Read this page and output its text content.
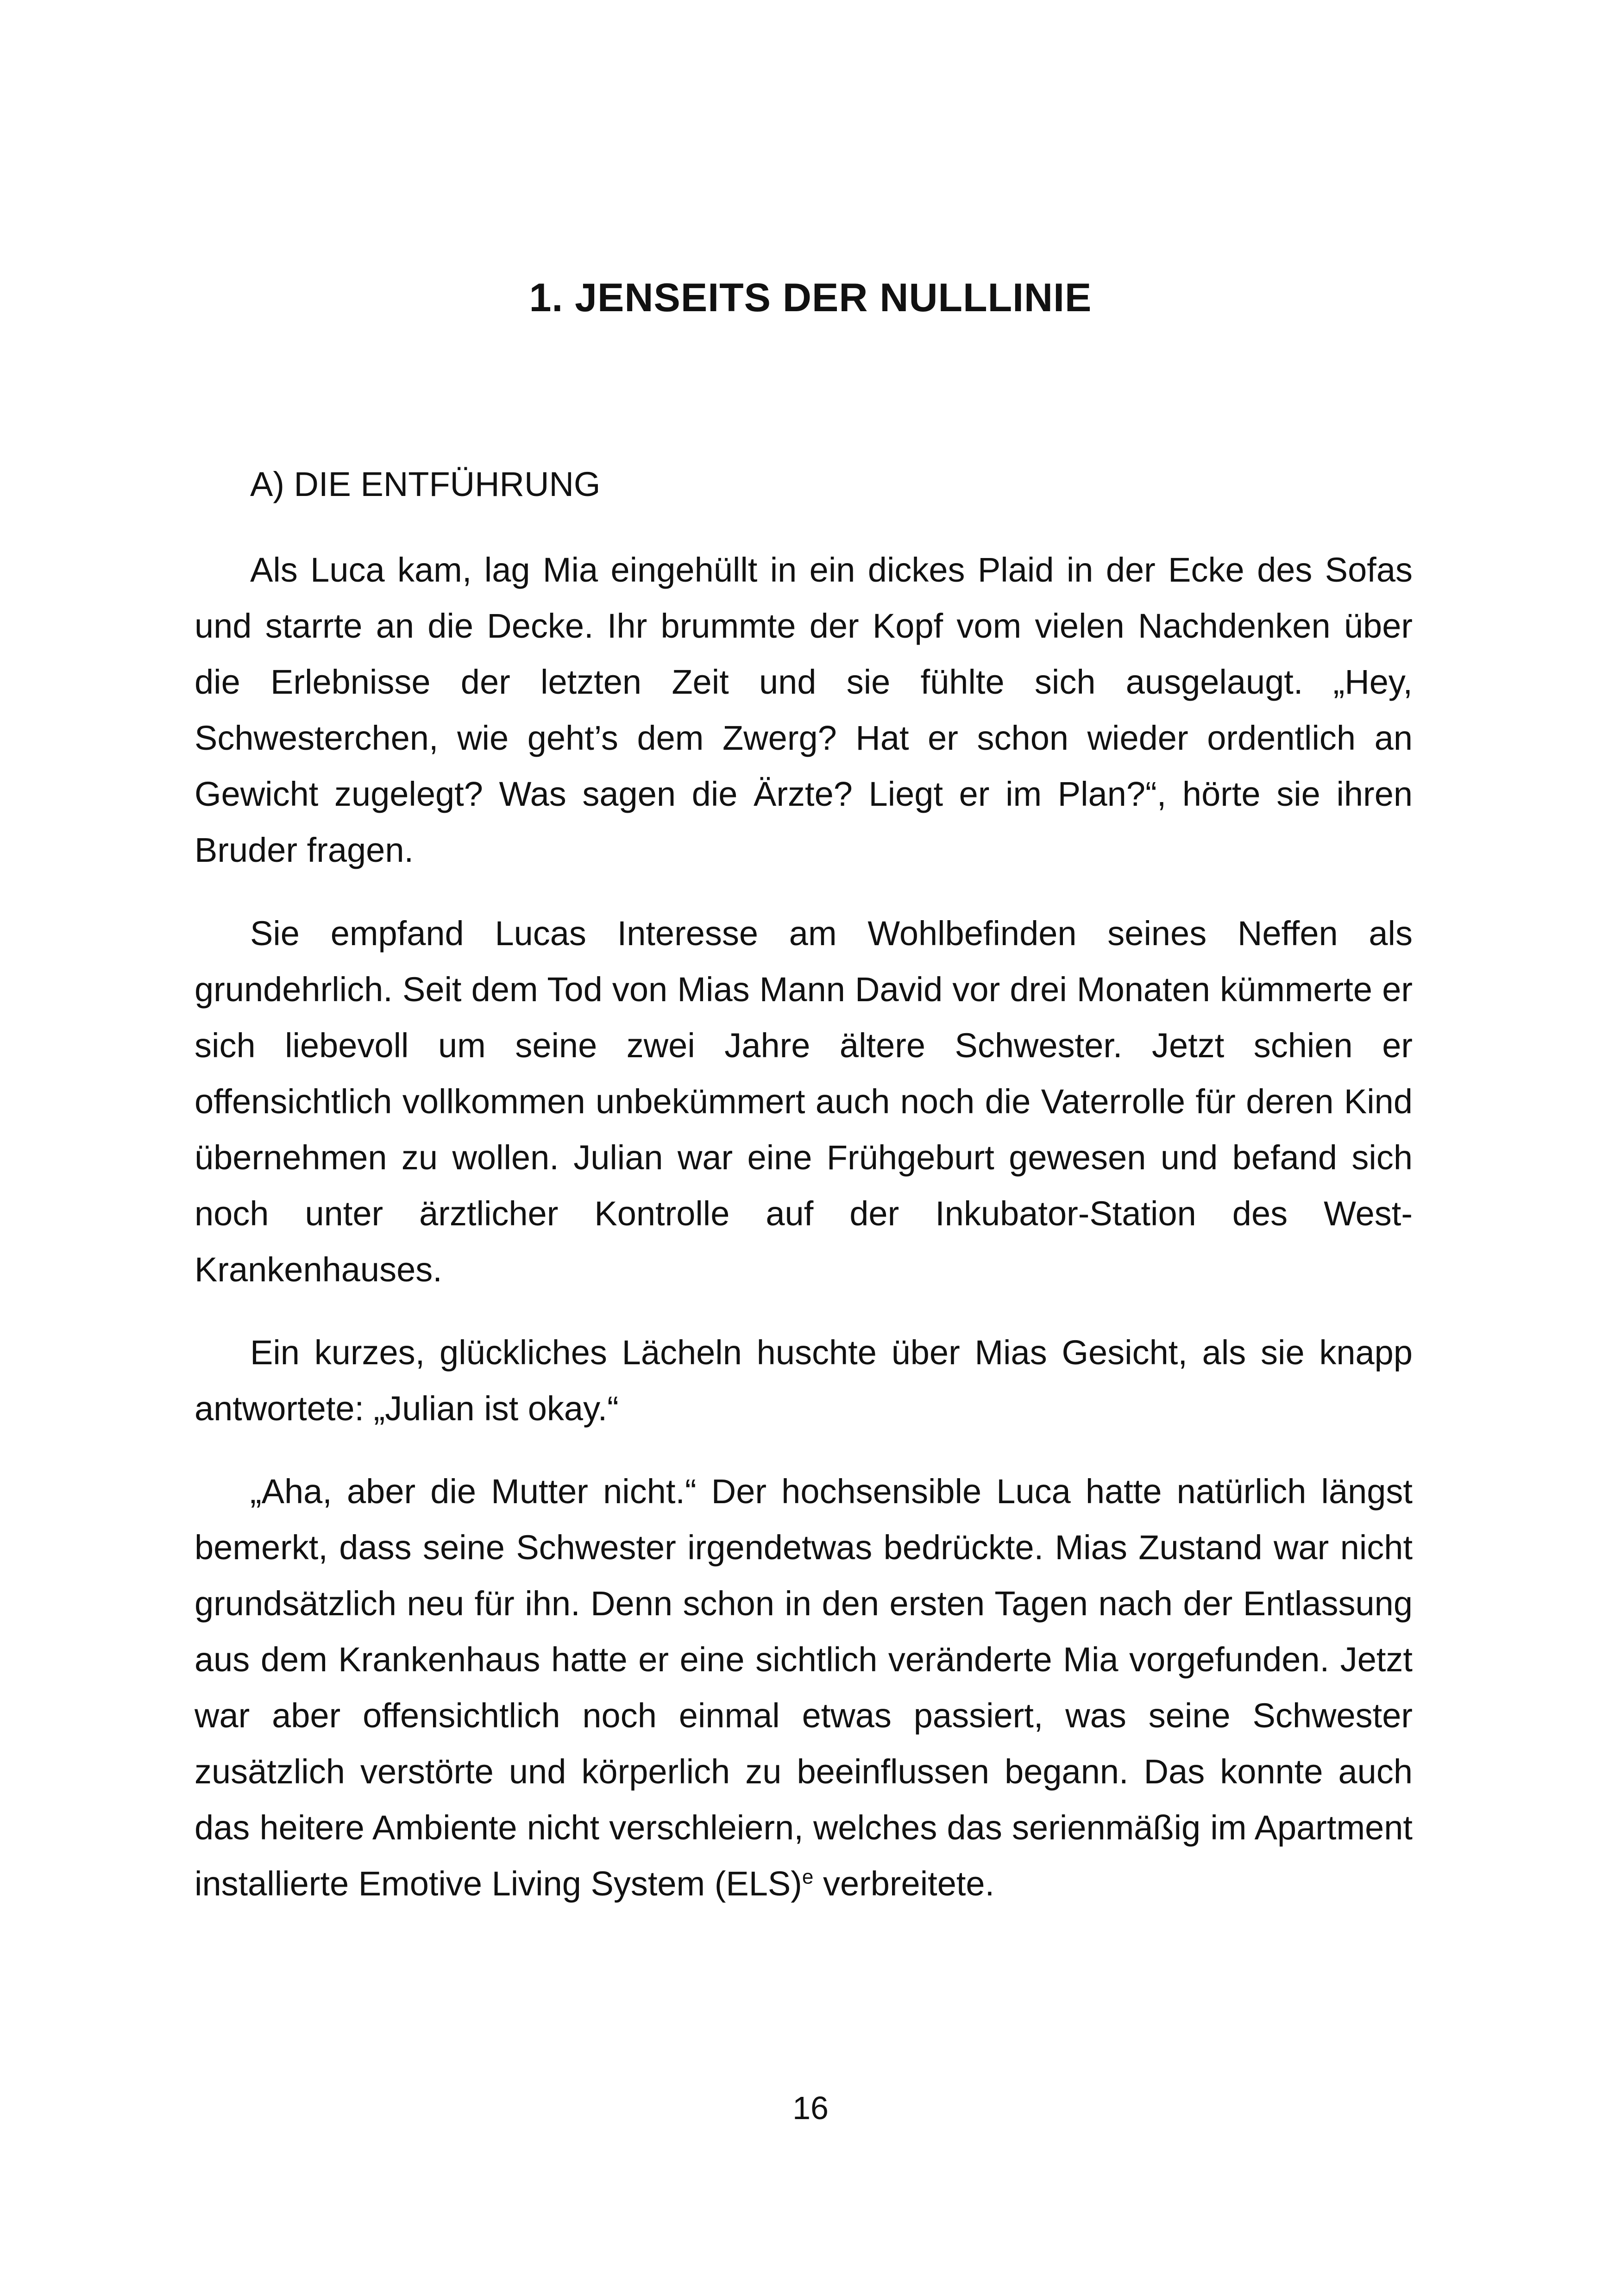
1. JENSEITS DER NULLLINIE
A) DIE ENTFÜHRUNG

Als Luca kam, lag Mia eingehüllt in ein dickes Plaid in der Ecke des Sofas und starrte an die Decke. Ihr brummte der Kopf vom vielen Nachdenken über die Erlebnisse der letzten Zeit und sie fühlte sich ausgelaugt. „Hey, Schwesterchen, wie geht’s dem Zwerg? Hat er schon wieder ordentlich an Gewicht zugelegt? Was sagen die Ärzte? Liegt er im Plan?“, hörte sie ihren Bruder fragen.

Sie empfand Lucas Interesse am Wohlbefinden seines Neffen als grundehrlich. Seit dem Tod von Mias Mann David vor drei Monaten kümmerte er sich liebevoll um seine zwei Jahre ältere Schwester. Jetzt schien er offensichtlich vollkommen unbekümmert auch noch die Vaterrolle für deren Kind übernehmen zu wollen. Julian war eine Frühgeburt gewesen und befand sich noch unter ärztlicher Kontrolle auf der Inkubator-Station des West-Krankenhauses.

Ein kurzes, glückliches Lächeln huschte über Mias Gesicht, als sie knapp antwortete: „Julian ist okay.“

„Aha, aber die Mutter nicht.“ Der hochsensible Luca hatte natürlich längst bemerkt, dass seine Schwester irgendetwas bedrückte. Mias Zustand war nicht grundsätzlich neu für ihn. Denn schon in den ersten Tagen nach der Entlassung aus dem Krankenhaus hatte er eine sichtlich veränderte Mia vorgefunden. Jetzt war aber offensichtlich noch einmal etwas passiert, was seine Schwester zusätzlich verstörte und körperlich zu beeinflussen begann. Das konnte auch das heitere Ambiente nicht verschleiern, welches das serienmäßig im Apartment installierte Emotive Living System (ELS)$^e$ verbreitete.

16
